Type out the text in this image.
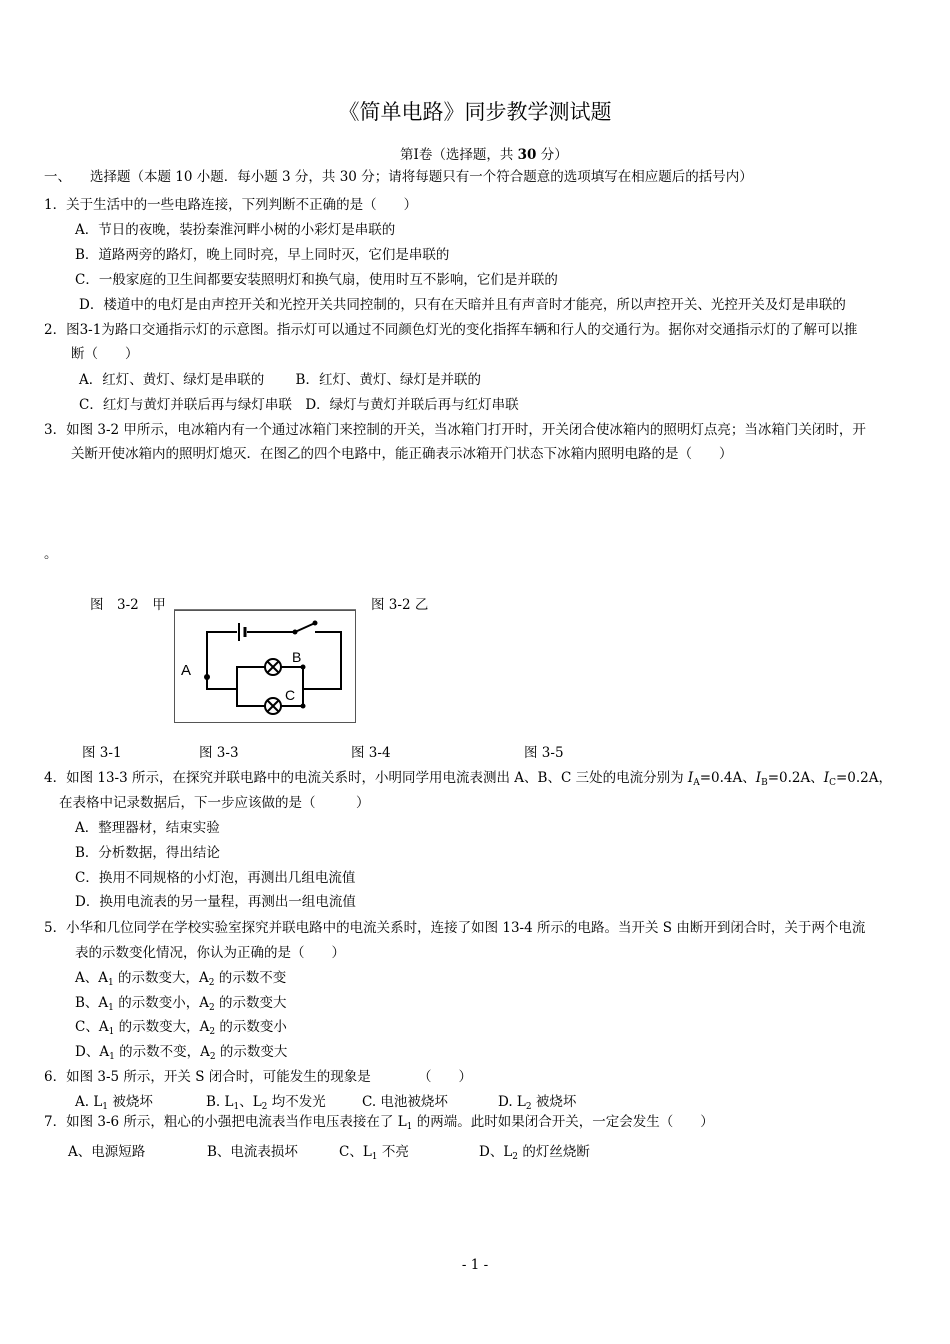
《简单电路》同步教学测试题
第Ⅰ卷（选择题，共 30 分）
一、 选择题（本题 10 小题．每小题 3 分，共 30 分；请将每题只有一个符合题意的选项填写在相应题后的括号内）
1．关于生活中的一些电路连接，下列判断不正确的是（　　）
A．节日的夜晚，装扮秦淮河畔小树的小彩灯是串联的
B．道路两旁的路灯，晚上同时亮，早上同时灭，它们是串联的
C．一般家庭的卫生间都要安装照明灯和换气扇，使用时互不影响，它们是并联的
D．楼道中的电灯是由声控开关和光控开关共同控制的，只有在天暗并且有声音时才能亮，所以声控开关、光控开关及灯是串联的
2．图3-1为路口交通指示灯的示意图。指示灯可以通过不同颜色灯光的变化指挥车辆和行人的交通行为。据你对交通指示灯的了解可以推
断（　　）
A．红灯、黄灯、绿灯是串联的　　 B．红灯、黄灯、绿灯是并联的
C．红灯与黄灯并联后再与绿灯串联　D．绿灯与黄灯并联后再与红灯串联
3．如图 3-2 甲所示，电冰箱内有一个通过冰箱门来控制的开关，当冰箱门打开时，开关闭合使冰箱内的照明灯点亮；当冰箱门关闭时，开
关断开使冰箱内的照明灯熄灭．在图乙的四个电路中，能正确表示冰箱开门状态下冰箱内照明电路的是（　　）
。
图　3-2　甲	图 3-2 乙
A
B
C
图 3-1	图 3-3	图 3-4	图 3-5
4．如图 13-3 所示，在探究并联电路中的电流关系时，小明同学用电流表测出 A、B、C 三处的电流分别为 $I_A=0.4A$、$I_B=0.2A$、$I_C=0.2A$，
在表格中记录数据后，下一步应该做的是（　　　）
A．整理器材，结束实验
B．分析数据，得出结论
C．换用不同规格的小灯泡，再测出几组电流值
D．换用电流表的另一量程，再测出一组电流值
5．小华和几位同学在学校实验室探究并联电路中的电流关系时，连接了如图 13-4 所示的电路。当开关 S 由断开到闭合时，关于两个电流
表的示数变化情况，你认为正确的是（　　）
A、$A_1$ 的示数变大，$A_2$ 的示数不变
B、$A_1$ 的示数变小，$A_2$ 的示数变大
C、$A_1$ 的示数变大，$A_2$ 的示数变小
D、$A_1$ 的示数不变，$A_2$ 的示数变大
6．如图 3-5 所示，开关 S 闭合时，可能发生的现象是　　　　（　　）
A. $L_1$ 被烧坏	B. $L_1$、$L_2$ 均不发光	C. 电池被烧坏	D. $L_2$ 被烧坏
7．如图 3-6 所示，粗心的小强把电流表当作电压表接在了 $L_1$ 的两端。此时如果闭合开关，一定会发生（　　）
A、电源短路	B、电流表损坏	C、$L_1$ 不亮	D、$L_2$ 的灯丝烧断
- 1 -
